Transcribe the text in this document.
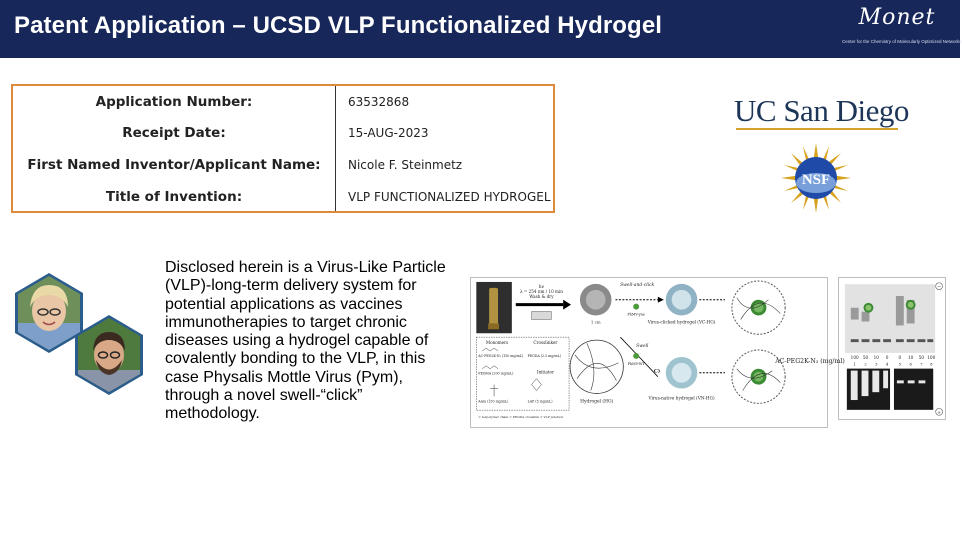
Patent Application – UCSD VLP Functionalized Hydrogel	Monet
Center for the Chemistry of Molecularly Optimized Networks
Application Number:	63532868
Receipt Date:	15-AUG-2023
First Named Inventor/Applicant Name:	Nicole F. Steinmetz
Title of Invention:	VLP FUNCTIONALIZED HYDROGEL
UC San Diego
NSF
Disclosed herein is a Virus-Like Particle (VLP)-long-term delivery system for potential applications as vaccines immunotherapies to target chronic diseases using a hydrogel capable of covalently bonding to the VLP, in this case Physalis Mottle Virus (Pym), through a novel swell-“click” methodology.
hν λ = 254 nm / 10 min Wash & dry
1 cm
Swell-and-click
PhMV-yne
Virus-clicked hydrogel (VC-HG)
Monomers	Crosslinker
AC-PEG2K-N₃ (150 mg/mL)
PEGMA (200 mg/mL)
AAm (150 mg/mL)
PEGDA (2.5 mg/mL)
Initiator
LAP (5 mg/mL)
= terpolymer chain = PEGDA crosslink = VLP junction
Hydrogel (HG)
Swell
PhMV-WT
C)
Virus-native hydrogel (VN-HG)
−
100 50 10 0 0 10 50 100
1 2 3 4	5 6 7 8
+
AC-PEG2K-N₃ (mg/ml)
